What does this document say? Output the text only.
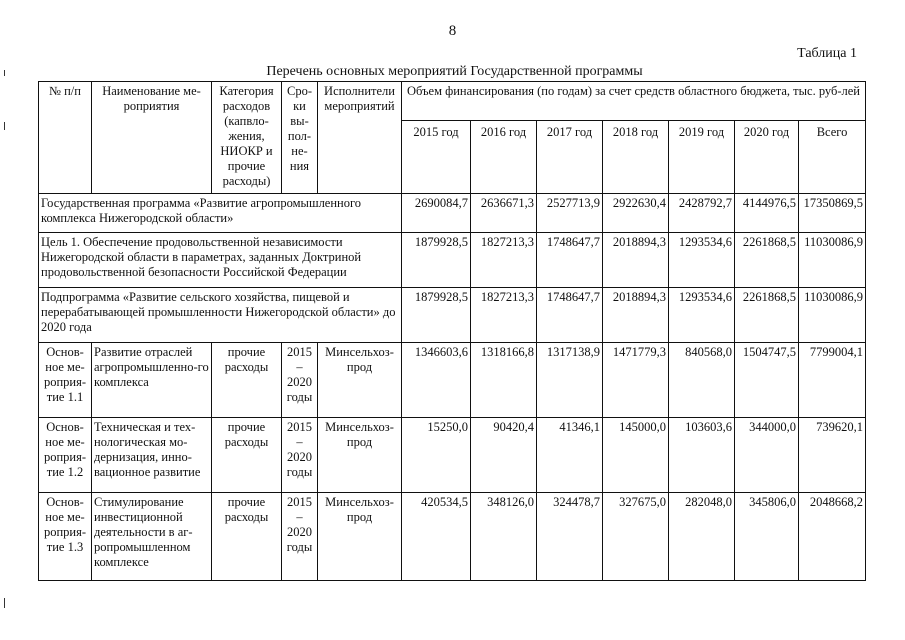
8
Таблица 1
Перечень основных мероприятий Государственной программы
№ п/п	Наименование ме-роприятия	Категория расходов (капвло-жения, НИОКР и прочие расходы)	Сро-ки вы-пол-не-ния	Исполнители мероприятий	Объем финансирования (по годам) за счет средств областного бюджета, тыс. руб-лей						
					2015 год	2016 год	2017 год	2018 год	2019 год	2020 год	Всего
Государственная программа «Развитие агропромышленного комплекса Нижегородской области»					2690084,7	2636671,3	2527713,9	2922630,4	2428792,7	4144976,5	17350869,5
Цель 1. Обеспечение продовольственной независимости Нижегородской области в параметрах, заданных Доктриной продовольственной безопасности Российской Федерации					1879928,5	1827213,3	1748647,7	2018894,3	1293534,6	2261868,5	11030086,9
Подпрограмма «Развитие сельского хозяйства, пищевой и перерабатывающей промышленности Нижегородской области» до 2020 года					1879928,5	1827213,3	1748647,7	2018894,3	1293534,6	2261868,5	11030086,9
Основ-ное ме-роприя-тие 1.1	Развитие отраслей агропромышленно-го комплекса	прочие расходы	2015 – 2020 годы	Минсельхоз-прод	1346603,6	1318166,8	1317138,9	1471779,3	840568,0	1504747,5	7799004,1
Основ-ное ме-роприя-тие 1.2	Техническая и тех-нологическая мо-дернизация, инно-вационное развитие	прочие расходы	2015 – 2020 годы	Минсельхоз-прод	15250,0	90420,4	41346,1	145000,0	103603,6	344000,0	739620,1
Основ-ное ме-роприя-тие 1.3	Стимулирование инвестиционной деятельности в аг-ропромышленном комплексе	прочие расходы	2015 – 2020 годы	Минсельхоз-прод	420534,5	348126,0	324478,7	327675,0	282048,0	345806,0	2048668,2
